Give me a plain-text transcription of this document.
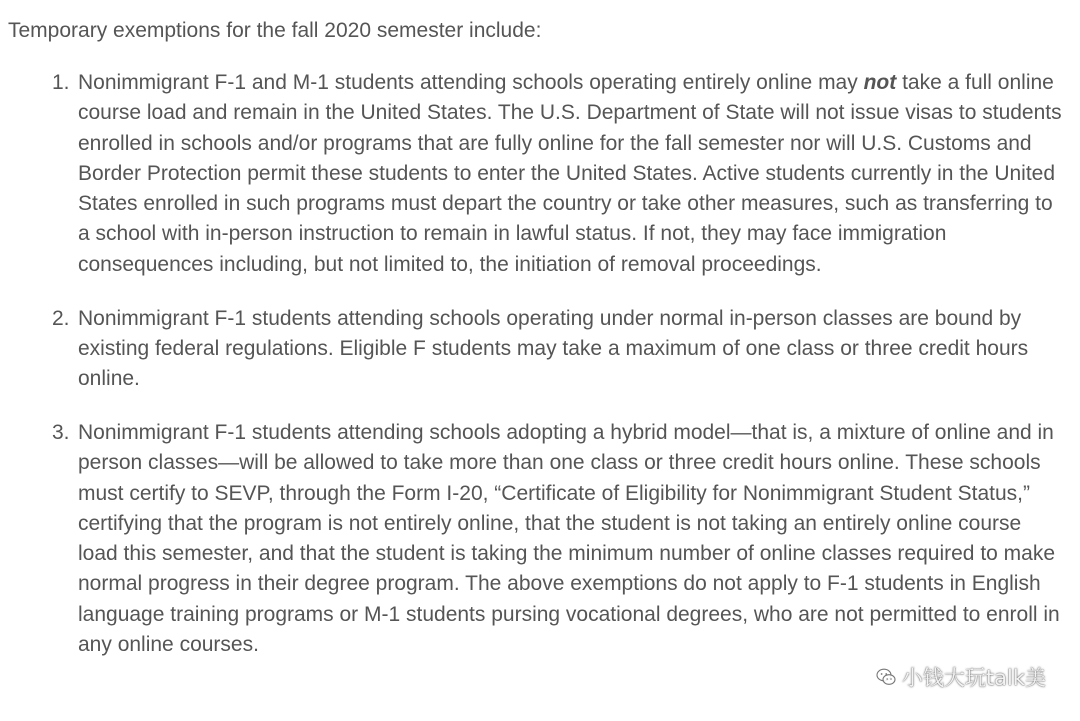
Temporary exemptions for the fall 2020 semester include:

1. Nonimmigrant F-1 and M-1 students attending schools operating entirely online may not take a full online course load and remain in the United States. The U.S. Department of State will not issue visas to students enrolled in schools and/or programs that are fully online for the fall semester nor will U.S. Customs and Border Protection permit these students to enter the United States. Active students currently in the United States enrolled in such programs must depart the country or take other measures, such as transferring to a school with in-person instruction to remain in lawful status. If not, they may face immigration consequences including, but not limited to, the initiation of removal proceedings.
2. Nonimmigrant F-1 students attending schools operating under normal in-person classes are bound by existing federal regulations. Eligible F students may take a maximum of one class or three credit hours online.
3. Nonimmigrant F-1 students attending schools adopting a hybrid model—that is, a mixture of online and in person classes—will be allowed to take more than one class or three credit hours online. These schools must certify to SEVP, through the Form I-20, “Certificate of Eligibility for Nonimmigrant Student Status,” certifying that the program is not entirely online, that the student is not taking an entirely online course load this semester, and that the student is taking the minimum number of online classes required to make normal progress in their degree program. The above exemptions do not apply to F-1 students in English language training programs or M-1 students pursing vocational degrees, who are not permitted to enroll in any online courses.
小钱大玩talk美
